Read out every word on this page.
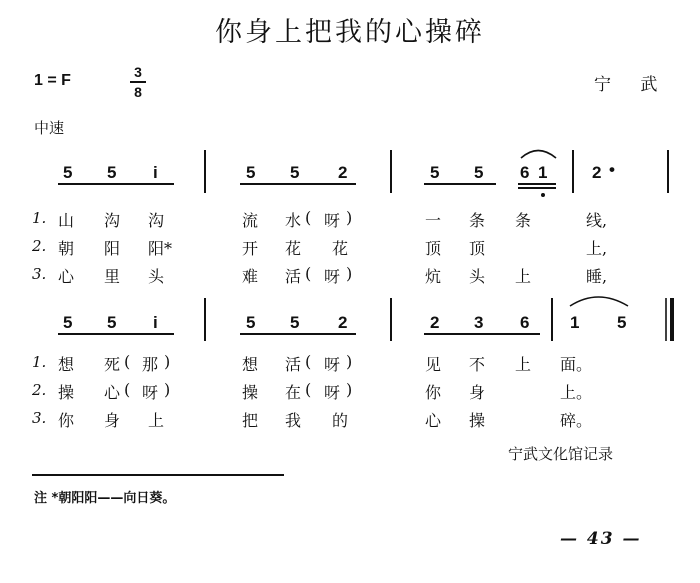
你身上把我的心操碎
1 = F	3
8	宁 武
中速
5 5 i	5 5 2	5 5 6 1	2 •
1.
2.
3.
山 沟 沟	流 水 ( 呀 )	一 条 条	线,
朝 阳 阳*	开 花 花	顶 顶	上,
心 里 头	难 活 ( 呀 )	炕 头 上	睡,
5 5 i	5 5 2	2 3 6 1 5
1.
2.
3.
想 死 ( 那 )	想 活 ( 呀 )	见 不 上 面。
操 心 ( 呀 )	操 在 ( 呀 )	你 身	上。
你 身 上	把 我 的	心 操	碎。
宁武文化馆记录
注 *朝阳阳——向日葵。
— 43 —
